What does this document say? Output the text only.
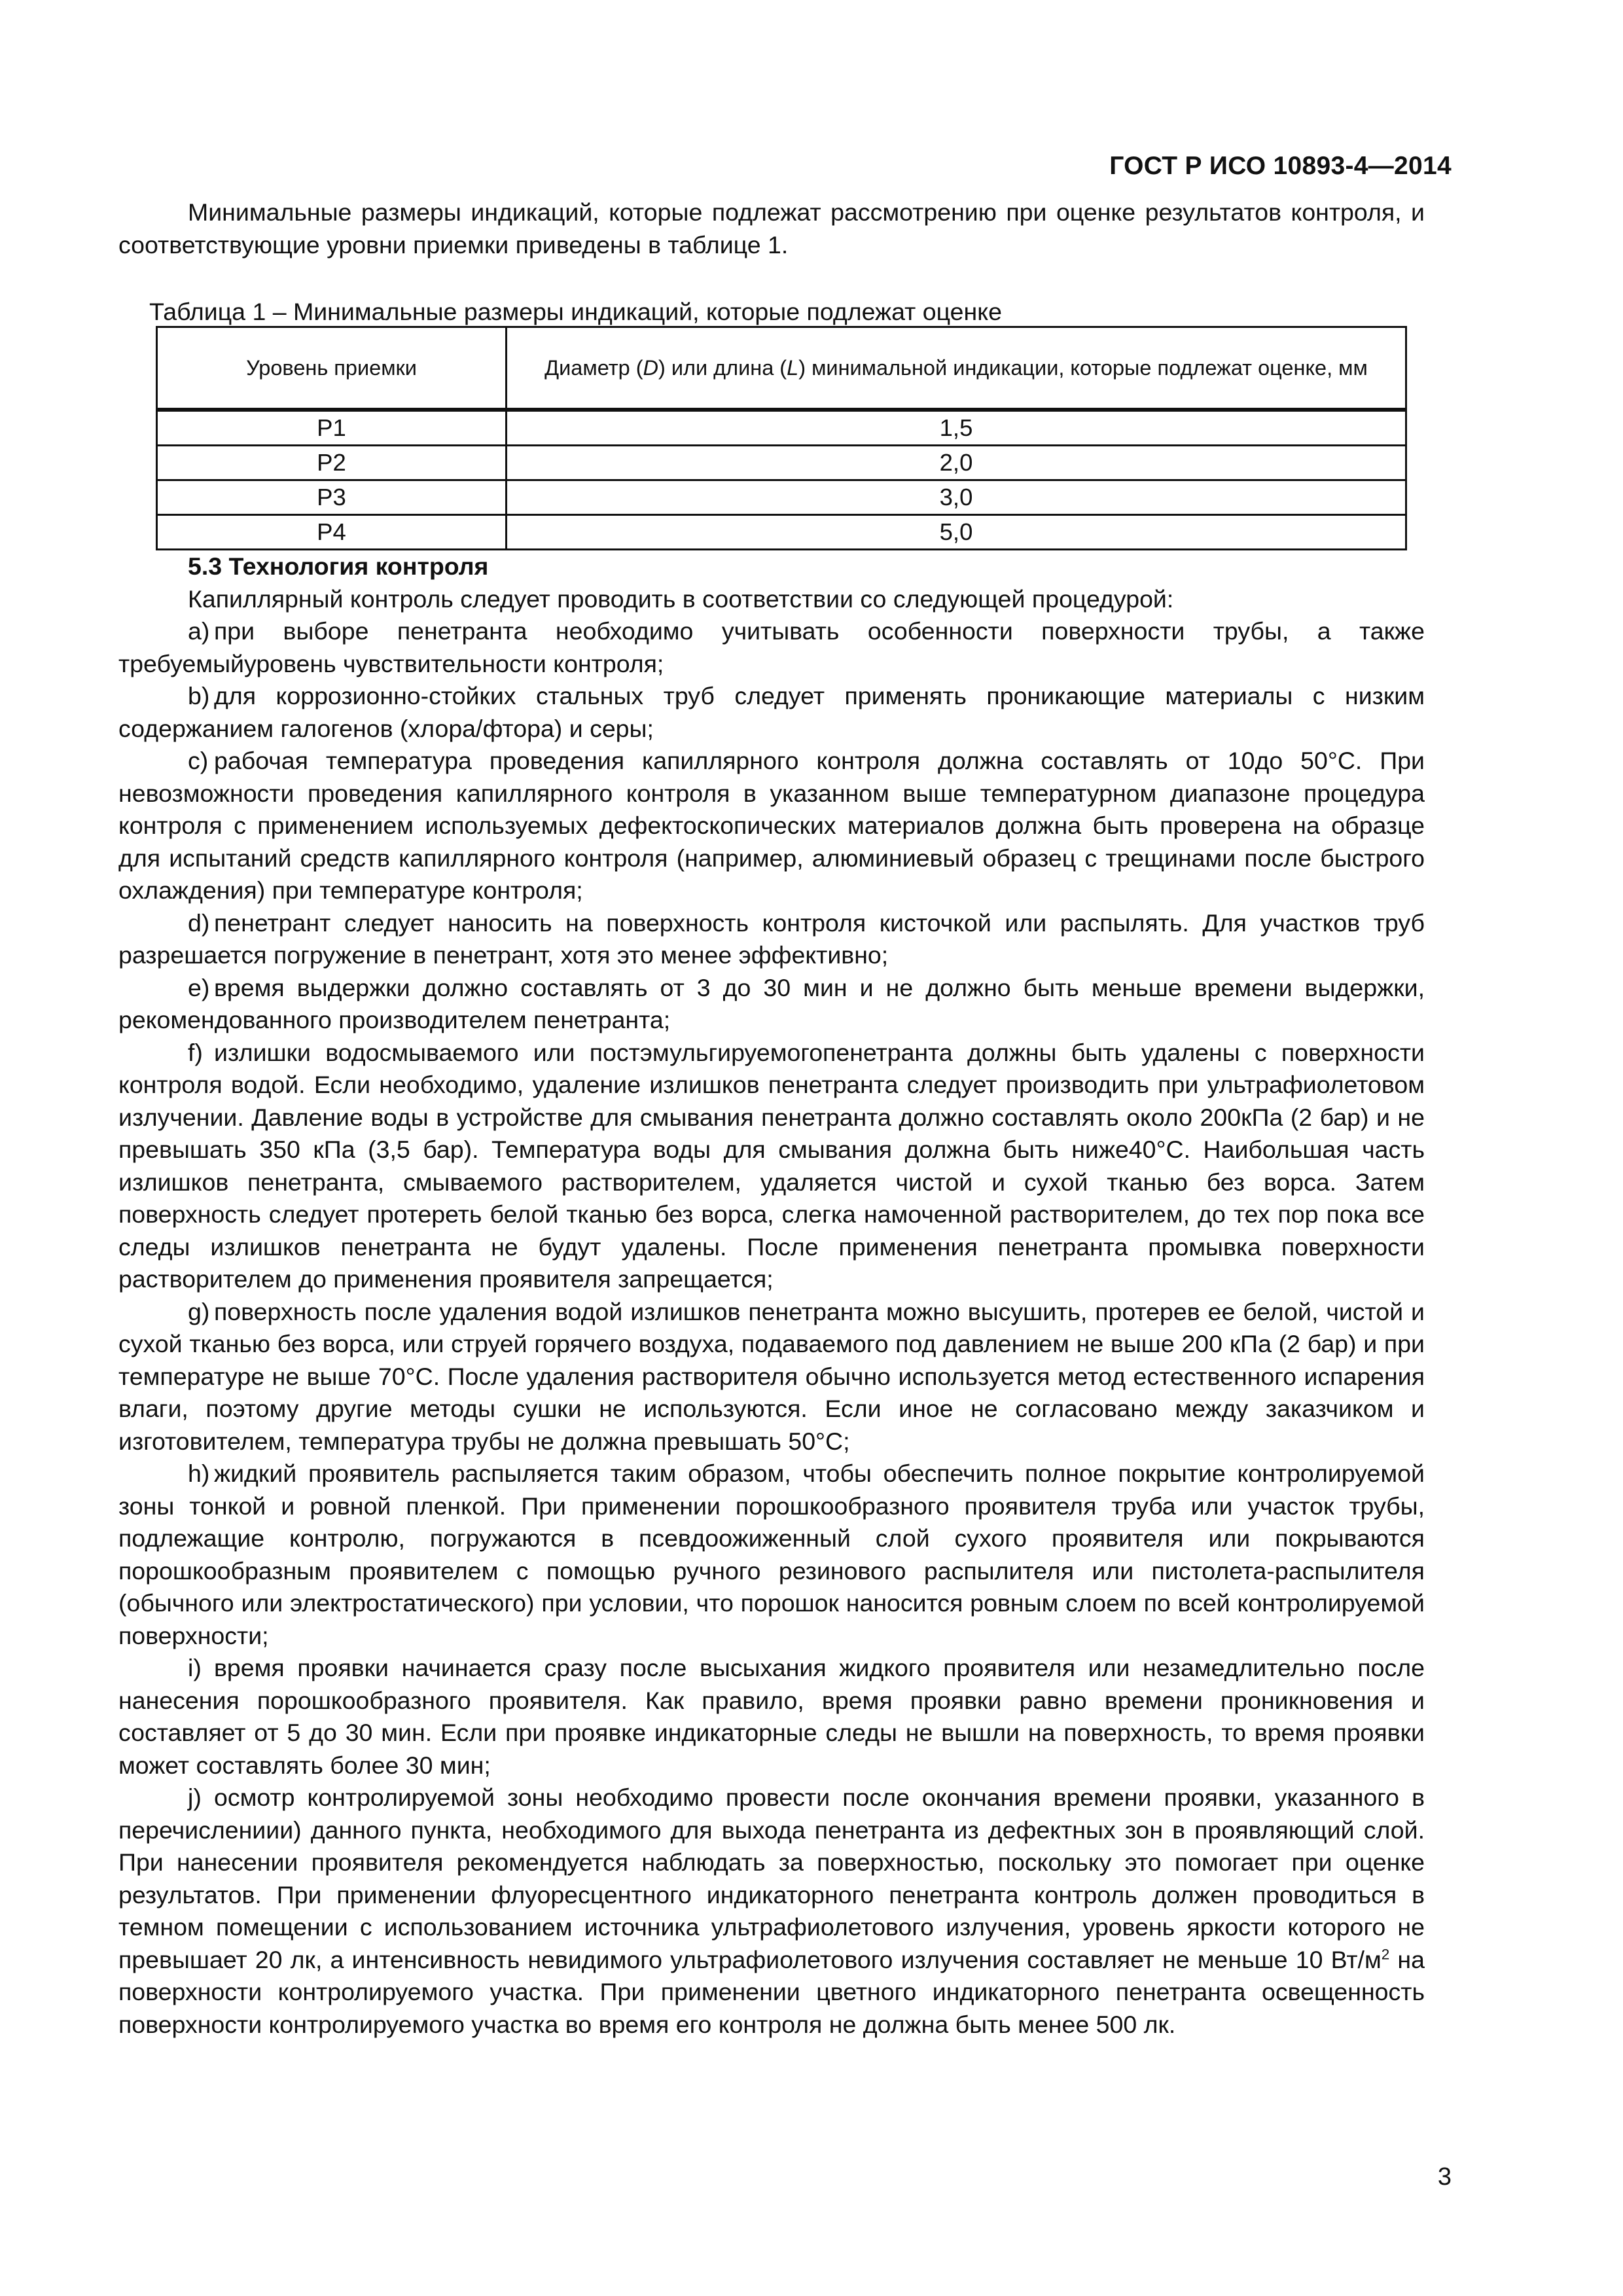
ГОСТ Р ИСО 10893-4—2014

Минимальные размеры индикаций, которые подлежат рассмотрению при оценке результатов контроля, и соответствующие уровни приемки приведены в таблице 1.

Таблица 1 – Минимальные размеры индикаций, которые подлежат оценке
Уровень приемки	Диаметр (D) или длина (L) минимальной индикации, которые подлежат оценке, мм
P1	1,5
P2	2,0
P3	3,0
P4	5,0

5.3 Технология контроля

Капиллярный контроль следует проводить в соответствии со следующей процедурой:

a) при выборе пенетранта необходимо учитывать особенности поверхности трубы, а также требуемыйуровень чувствительности контроля;

b) для коррозионно-стойких стальных труб следует применять проникающие материалы с низким содержанием галогенов (хлора/фтора) и серы;

c) рабочая температура проведения капиллярного контроля должна составлять от 10до 50°С. При невозможности проведения капиллярного контроля в указанном выше температурном диапазоне процедура контроля с применением используемых дефектоскопических материалов должна быть проверена на образце для испытаний средств капиллярного контроля (например, алюминиевый образец с трещинами после быстрого охлаждения) при температуре контроля;

d) пенетрант следует наносить на поверхность контроля кисточкой или распылять. Для участков труб разрешается погружение в пенетрант, хотя это менее эффективно;

e) время выдержки должно составлять от 3 до 30 мин и не должно быть меньше времени выдержки, рекомендованного производителем пенетранта;

f) излишки водосмываемого или постэмульгируемогопенетранта должны быть удалены с поверхности контроля водой. Если необходимо, удаление излишков пенетранта следует производить при ультрафиолетовом излучении. Давление воды в устройстве для смывания пенетранта должно составлять около 200кПа (2 бар) и не превышать 350 кПа (3,5 бар). Температура воды для смывания должна быть ниже40°С. Наибольшая часть излишков пенетранта, смываемого растворителем, удаляется чистой и сухой тканью без ворса. Затем поверхность следует протереть белой тканью без ворса, слегка намоченной растворителем, до тех пор пока все следы излишков пенетранта не будут удалены. После применения пенетранта промывка поверхности растворителем до применения проявителя запрещается;

g) поверхность после удаления водой излишков пенетранта можно высушить, протерев ее белой, чистой и сухой тканью без ворса, или струей горячего воздуха, подаваемого под давлением не выше 200 кПа (2 бар) и при температуре не выше 70°С. После удаления растворителя обычно используется метод естественного испарения влаги, поэтому другие методы сушки не используются. Если иное не согласовано между заказчиком и изготовителем, температура трубы не должна превышать 50°С;

h) жидкий проявитель распыляется таким образом, чтобы обеспечить полное покрытие контролируемой зоны тонкой и ровной пленкой. При применении порошкообразного проявителя труба или участок трубы, подлежащие контролю, погружаются в псевдоожиженный слой сухого проявителя или покрываются порошкообразным проявителем с помощью ручного резинового распылителя или пистолета-распылителя (обычного или электростатического) при условии, что порошок наносится ровным слоем по всей контролируемой поверхности;

i) время проявки начинается сразу после высыхания жидкого проявителя или незамедлительно после нанесения порошкообразного проявителя. Как правило, время проявки равно времени проникновения и составляет от 5 до 30 мин. Если при проявке индикаторные следы не вышли на поверхность, то время проявки может составлять более 30 мин;

j) осмотр контролируемой зоны необходимо провести после окончания времени проявки, указанного в перечислениии) данного пункта, необходимого для выхода пенетранта из дефектных зон в проявляющий слой. При нанесении проявителя рекомендуется наблюдать за поверхностью, поскольку это помогает при оценке результатов. При применении флуоресцентного индикаторного пенетранта контроль должен проводиться в темном помещении с использованием источника ультрафиолетового излучения, уровень яркости которого не превышает 20 лк, а интенсивность невидимого ультрафиолетового излучения составляет не меньше 10 $Вт/м^2$ на поверхности контролируемого участка. При применении цветного индикаторного пенетранта освещенность поверхности контролируемого участка во время его контроля не должна быть менее 500 лк.

3
